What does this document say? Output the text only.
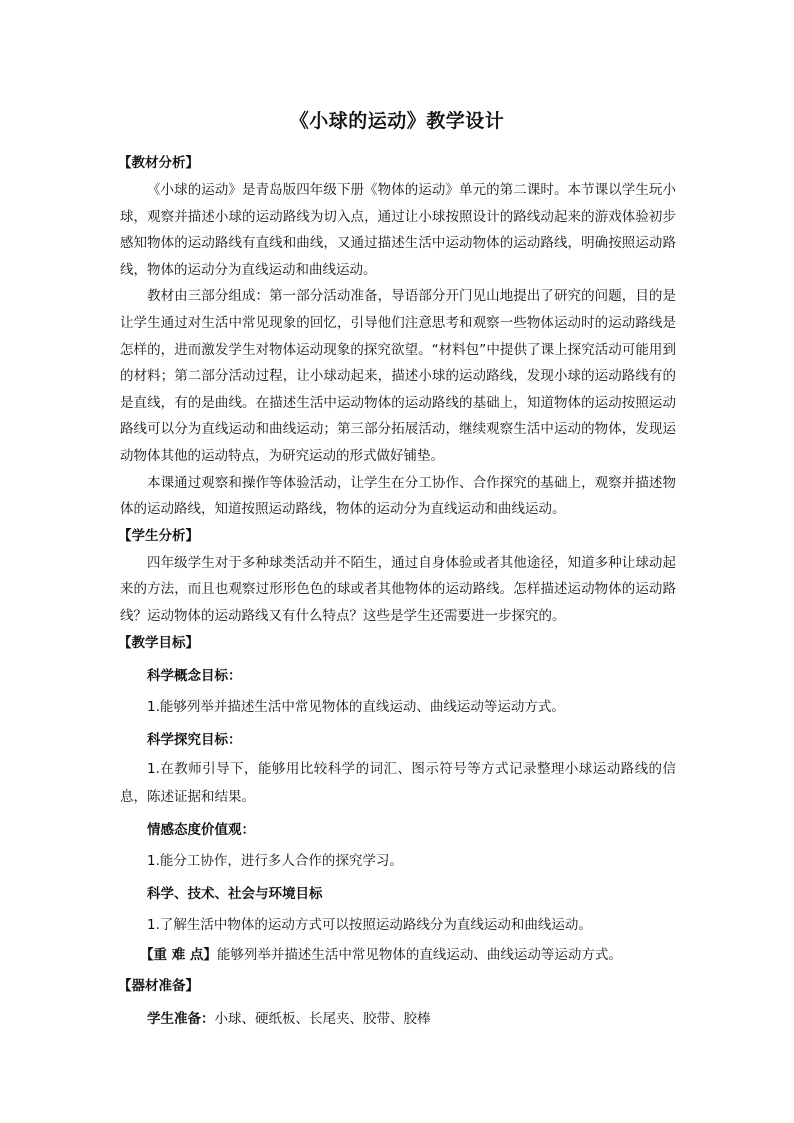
《小球的运动》教学设计

【教材分析】

《小球的运动》是青岛版四年级下册《物体的运动》单元的第二课时。本节课以学生玩小球，观察并描述小球的运动路线为切入点，通过让小球按照设计的路线动起来的游戏体验初步感知物体的运动路线有直线和曲线，又通过描述生活中运动物体的运动路线，明确按照运动路线，物体的运动分为直线运动和曲线运动。

教材由三部分组成：第一部分活动准备，导语部分开门见山地提出了研究的问题，目的是让学生通过对生活中常见现象的回忆，引导他们注意思考和观察一些物体运动时的运动路线是怎样的，进而激发学生对物体运动现象的探究欲望。“材料包”中提供了课上探究活动可能用到的材料；第二部分活动过程，让小球动起来，描述小球的运动路线，发现小球的运动路线有的是直线，有的是曲线。在描述生活中运动物体的运动路线的基础上，知道物体的运动按照运动路线可以分为直线运动和曲线运动；第三部分拓展活动，继续观察生活中运动的物体，发现运动物体其他的运动特点，为研究运动的形式做好铺垫。

本课通过观察和操作等体验活动，让学生在分工协作、合作探究的基础上，观察并描述物体的运动路线，知道按照运动路线，物体的运动分为直线运动和曲线运动。

【学生分析】

四年级学生对于多种球类活动并不陌生，通过自身体验或者其他途径，知道多种让球动起来的方法，而且也观察过形形色色的球或者其他物体的运动路线。怎样描述运动物体的运动路线？运动物体的运动路线又有什么特点？这些是学生还需要进一步探究的。

【教学目标】

科学概念目标：

1.能够列举并描述生活中常见物体的直线运动、曲线运动等运动方式。

科学探究目标：

1.在教师引导下，能够用比较科学的词汇、图示符号等方式记录整理小球运动路线的信息，陈述证据和结果。

情感态度价值观：

1.能分工协作，进行多人合作的探究学习。

科学、技术、社会与环境目标

1.了解生活中物体的运动方式可以按照运动路线分为直线运动和曲线运动。

【重 难 点】能够列举并描述生活中常见物体的直线运动、曲线运动等运动方式。

【器材准备】

学生准备：小球、硬纸板、长尾夹、胶带、胶棒
